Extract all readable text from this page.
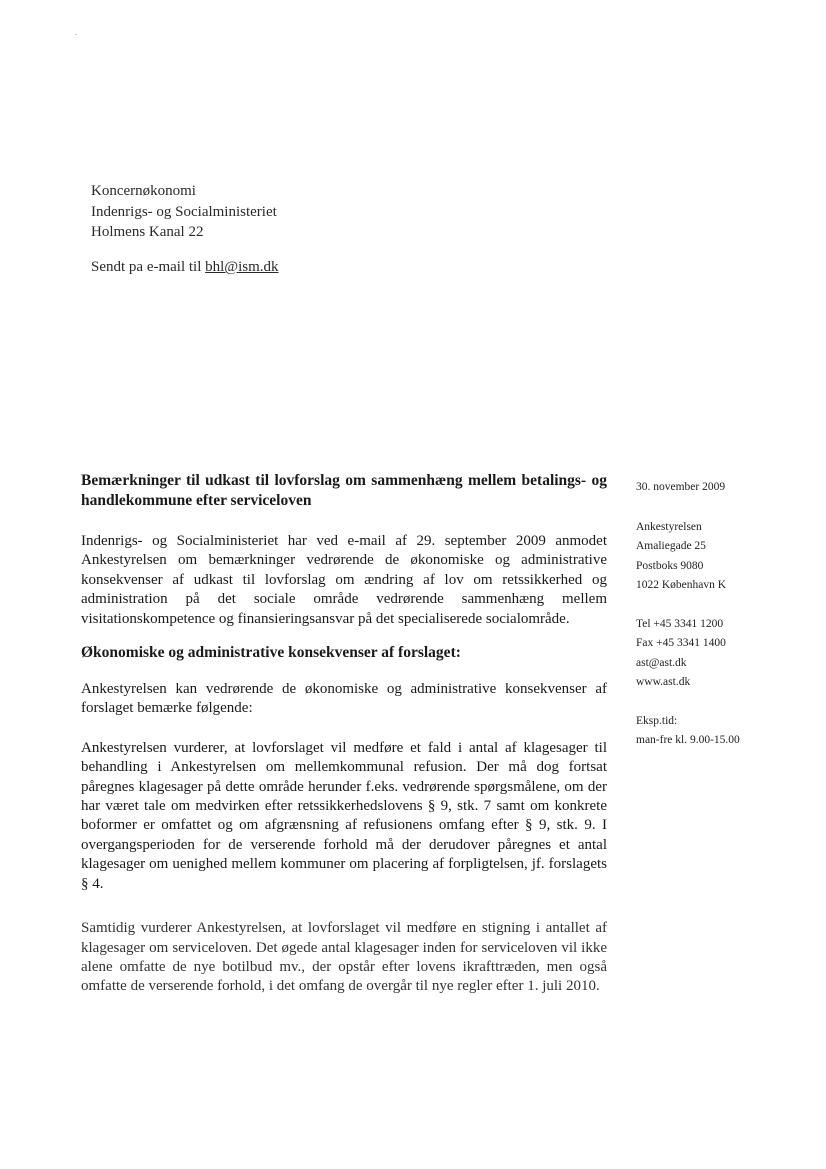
.
Koncernøkonomi
Indenrigs- og Socialministeriet
Holmens Kanal 22
Sendt pa e-mail til bhl@ism.dk
30. november 2009
Ankestyrelsen
Amaliegade 25
Postboks 9080
1022 København K
Tel +45 3341 1200
Fax +45 3341 1400
ast@ast.dk
www.ast.dk
Eksp.tid:
man-fre kl. 9.00-15.00
Bemærkninger til udkast til lovforslag om sammenhæng mellem betalings- og handlekommune efter serviceloven

Indenrigs- og Socialministeriet har ved e-mail af 29. september 2009 anmodet Ankestyrelsen om bemærkninger vedrørende de økonomiske og administrative konsekvenser af udkast til lovforslag om ændring af lov om retssikkerhed og administration på det sociale område vedrørende sammenhæng mellem visitationskompetence og finansieringsansvar på det specialiserede socialområde.

Økonomiske og administrative konsekvenser af forslaget:

Ankestyrelsen kan vedrørende de økonomiske og administrative konsekvenser af forslaget bemærke følgende:

Ankestyrelsen vurderer, at lovforslaget vil medføre et fald i antal af klagesager til behandling i Ankestyrelsen om mellemkommunal refusion. Der må dog fortsat påregnes klagesager på dette område herunder f.eks. vedrørende spørgsmålene, om der har været tale om medvirken efter retssikkerhedslovens § 9, stk. 7 samt om konkrete boformer er omfattet og om afgrænsning af refusionens omfang efter § 9, stk. 9. I overgangsperioden for de verserende forhold må der derudover påregnes et antal klagesager om uenighed mellem kommuner om placering af forpligtelsen, jf. forslagets § 4.

Samtidig vurderer Ankestyrelsen, at lovforslaget vil medføre en stigning i antallet af klagesager om serviceloven. Det øgede antal klagesager inden for serviceloven vil ikke alene omfatte de nye botilbud mv., der opstår efter lovens ikrafttræden, men også omfatte de verserende forhold, i det omfang de overgår til nye regler efter 1. juli 2010.
